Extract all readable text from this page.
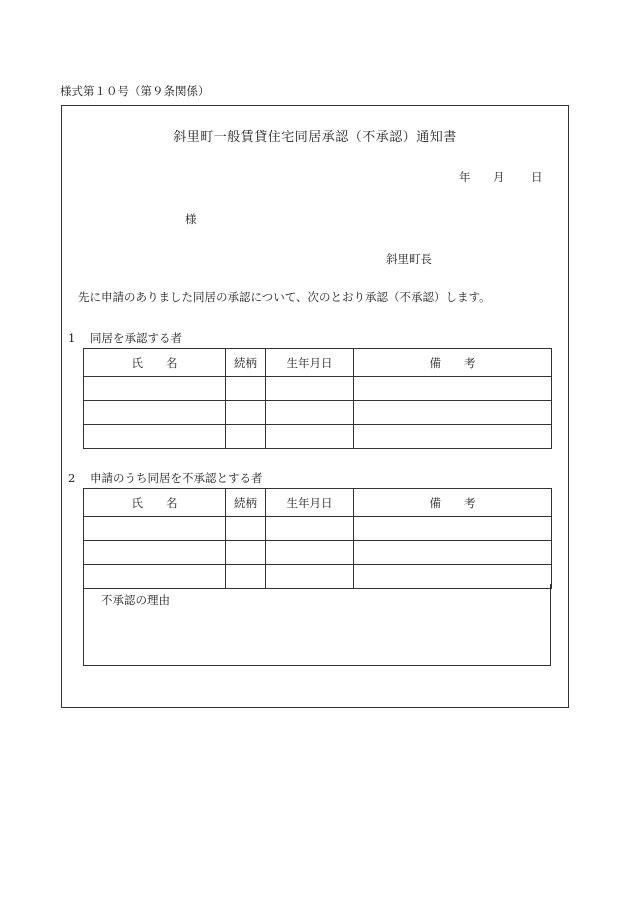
様式第１０号（第９条関係）
斜里町一般賃貸住宅同居承認（不承認）通知書
年 月 日
様
斜里町長
先に申請のありました同居の承認について、次のとおり承認（不承認）します。
1 同居を承認する者
氏　　名	続柄	生年月日	備　　考

2 申請のうち同居を不承認とする者
氏　　名	続柄	生年月日	備　　考

不承認の理由
